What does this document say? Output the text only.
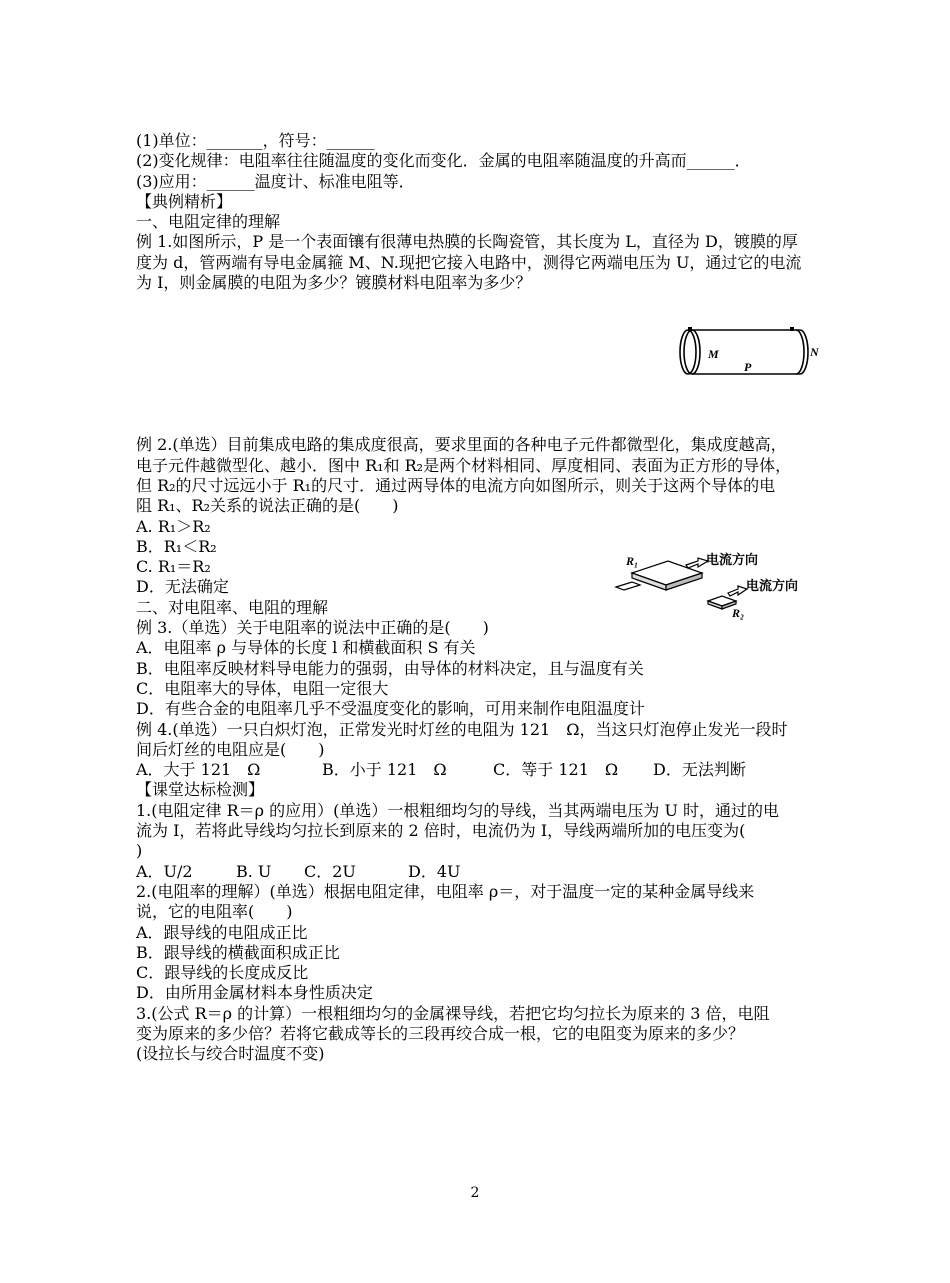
(1)单位：_______，符号：______
(2)变化规律：电阻率往往随温度的变化而变化．金属的电阻率随温度的升高而______．
(3)应用：______温度计、标准电阻等．
【典例精析】
一、电阻定律的理解
例 1.如图所示，P 是一个表面镶有很薄电热膜的长陶瓷管，其长度为 L，直径为 D，镀膜的厚
度为 d，管两端有导电金属箍 M、N.现把它接入电路中，测得它两端电压为 U，通过它的电流
为 I，则金属膜的电阻为多少？镀膜材料电阻率为多少？
例 2.(单选）目前集成电路的集成度很高，要求里面的各种电子元件都微型化，集成度越高，
电子元件越微型化、越小．图中 R₁和 R₂是两个材料相同、厚度相同、表面为正方形的导体，
但 R₂的尺寸远远小于 R₁的尺寸．通过两导体的电流方向如图所示，则关于这两个导体的电
阻 R₁、R₂关系的说法正确的是(　　)
A. R₁＞R₂
B．R₁＜R₂
C. R₁＝R₂
D．无法确定
二、对电阻率、电阻的理解
例 3.（单选）关于电阻率的说法中正确的是(　　)
A．电阻率 ρ 与导体的长度 l 和横截面积 S 有关
B．电阻率反映材料导电能力的强弱，由导体的材料决定，且与温度有关
C．电阻率大的导体，电阻一定很大
D．有些合金的电阻率几乎不受温度变化的影响，可用来制作电阻温度计
例 4.(单选）一只白炽灯泡，正常发光时灯丝的电阻为 121　Ω，当这只灯泡停止发光一段时
间后灯丝的电阻应是(　　)
A．大于 121　Ω	B．小于 121　Ω	C．等于 121　Ω	D．无法判断
【课堂达标检测】
1.(电阻定律 R＝ρ 的应用）(单选）一根粗细均匀的导线，当其两端电压为 U 时，通过的电
流为 I，若将此导线均匀拉长到原来的 2 倍时，电流仍为 I，导线两端所加的电压变为(
)
A．U/2	B. U	C．2U	D．4U
2.(电阻率的理解）(单选）根据电阻定律，电阻率 ρ＝，对于温度一定的某种金属导线来
说，它的电阻率(　　)
A．跟导线的电阻成正比
B．跟导线的横截面积成正比
C．跟导线的长度成反比
D．由所用金属材料本身性质决定
3.(公式 R＝ρ 的计算）一根粗细均匀的金属裸导线，若把它均匀拉长为原来的 3 倍，电阻
变为原来的多少倍？若将它截成等长的三段再绞合成一根，它的电阻变为原来的多少？
(设拉长与绞合时温度不变)
M
P
N
R₁
R₂
电流方向
电流方向
2
